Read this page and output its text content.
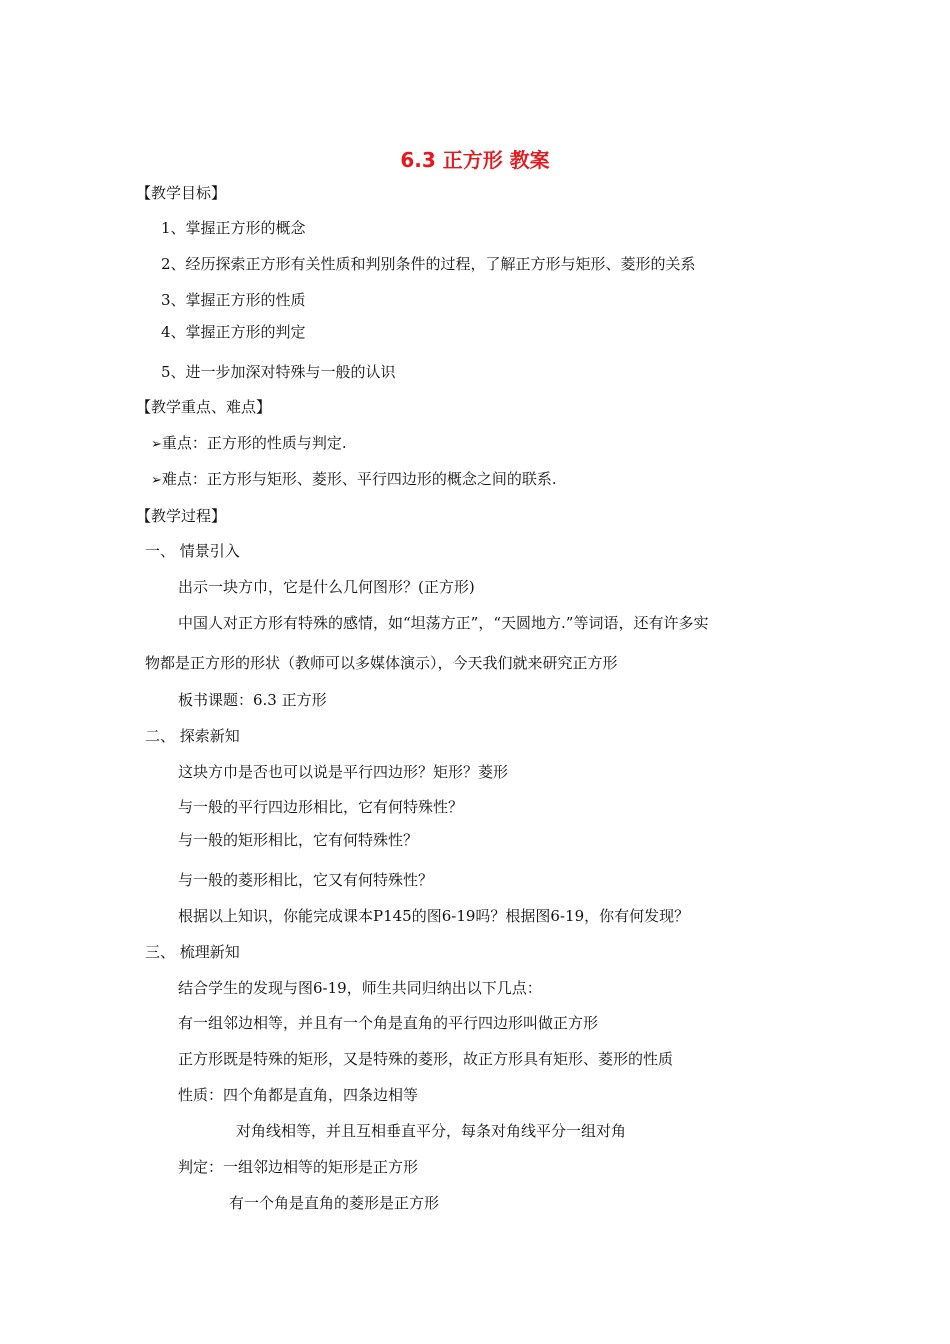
6.3 正方形 教案
【教学目标】
1、掌握正方形的概念
2、经历探索正方形有关性质和判别条件的过程，了解正方形与矩形、菱形的关系
3、掌握正方形的性质
4、掌握正方形的判定
5、进一步加深对特殊与一般的认识
【教学重点、难点】
➢重点：正方形的性质与判定.
➢难点：正方形与矩形、菱形、平行四边形的概念之间的联系.
【教学过程】
一、 情景引入
出示一块方巾，它是什么几何图形？(正方形)
中国人对正方形有特殊的感情，如“坦荡方正”，“天圆地方.”等词语，还有许多实
物都是正方形的形状（教师可以多媒体演示），今天我们就来研究正方形
板书课题：6.3 正方形
二、 探索新知
这块方巾是否也可以说是平行四边形？矩形？菱形
与一般的平行四边形相比，它有何特殊性？
与一般的矩形相比，它有何特殊性？
与一般的菱形相比，它又有何特殊性？
根据以上知识，你能完成课本P145的图6-19吗？根据图6-19，你有何发现？
三、 梳理新知
结合学生的发现与图6-19，师生共同归纳出以下几点：
有一组邻边相等，并且有一个角是直角的平行四边形叫做正方形
正方形既是特殊的矩形，又是特殊的菱形，故正方形具有矩形、菱形的性质
性质：四个角都是直角，四条边相等
对角线相等，并且互相垂直平分，每条对角线平分一组对角
判定：一组邻边相等的矩形是正方形
有一个角是直角的菱形是正方形
